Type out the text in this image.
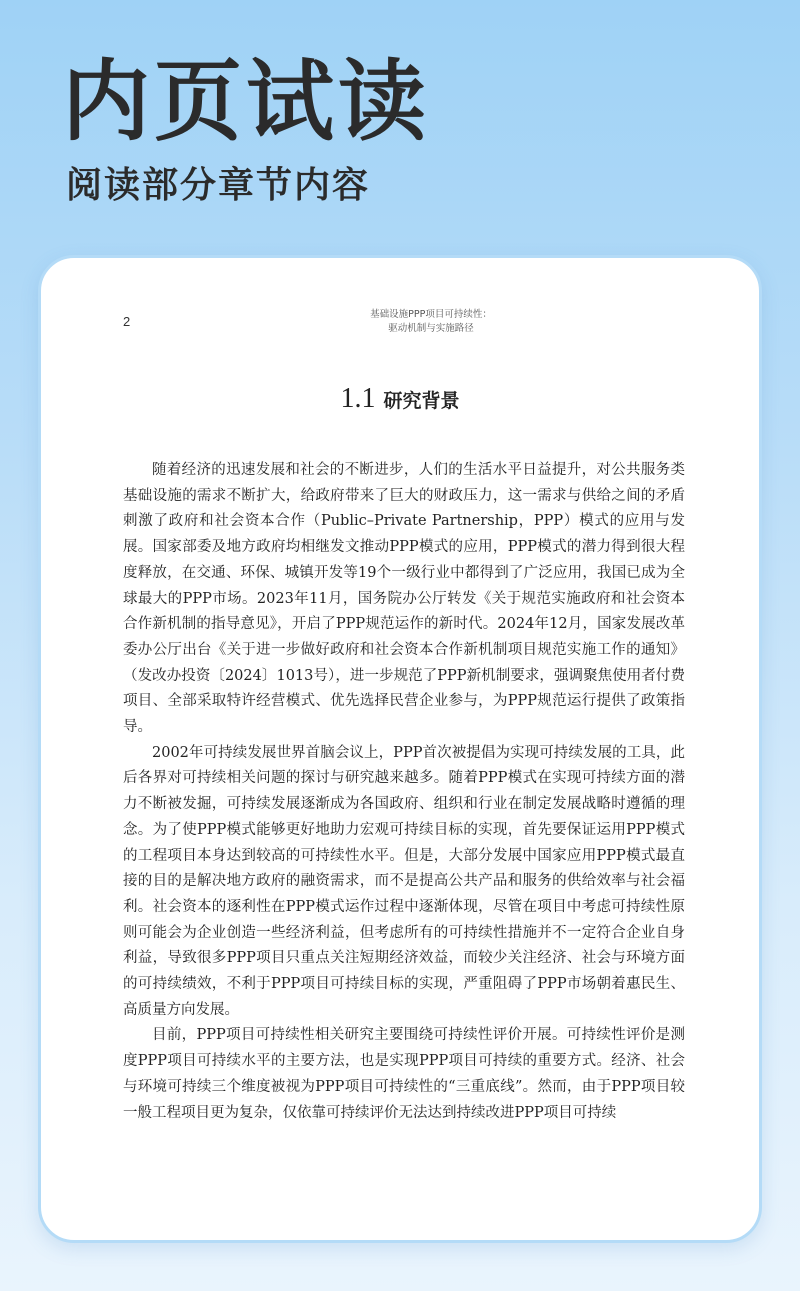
内页试读
阅读部分章节内容
2	基础设施PPP项目可持续性：
驱动机制与实施路径
1.1 研究背景

随着经济的迅速发展和社会的不断进步，人们的生活水平日益提升，对公共服务类基础设施的需求不断扩大，给政府带来了巨大的财政压力，这一需求与供给之间的矛盾刺激了政府和社会资本合作（Public–Private Partnership，PPP）模式的应用与发展。国家部委及地方政府均相继发文推动PPP模式的应用，PPP模式的潜力得到很大程度释放，在交通、环保、城镇开发等19个一级行业中都得到了广泛应用，我国已成为全球最大的PPP市场。2023年11月，国务院办公厅转发《关于规范实施政府和社会资本合作新机制的指导意见》，开启了PPP规范运作的新时代。2024年12月，国家发展改革委办公厅出台《关于进一步做好政府和社会资本合作新机制项目规范实施工作的通知》（发改办投资〔2024〕1013号），进一步规范了PPP新机制要求，强调聚焦使用者付费项目、全部采取特许经营模式、优先选择民营企业参与，为PPP规范运行提供了政策指导。

2002年可持续发展世界首脑会议上，PPP首次被提倡为实现可持续发展的工具，此后各界对可持续相关问题的探讨与研究越来越多。随着PPP模式在实现可持续方面的潜力不断被发掘，可持续发展逐渐成为各国政府、组织和行业在制定发展战略时遵循的理念。为了使PPP模式能够更好地助力宏观可持续目标的实现，首先要保证运用PPP模式的工程项目本身达到较高的可持续性水平。但是，大部分发展中国家应用PPP模式最直接的目的是解决地方政府的融资需求，而不是提高公共产品和服务的供给效率与社会福利。社会资本的逐利性在PPP模式运作过程中逐渐体现，尽管在项目中考虑可持续性原则可能会为企业创造一些经济利益，但考虑所有的可持续性措施并不一定符合企业自身利益，导致很多PPP项目只重点关注短期经济效益，而较少关注经济、社会与环境方面的可持续绩效，不利于PPP项目可持续目标的实现，严重阻碍了PPP市场朝着惠民生、高质量方向发展。

目前，PPP项目可持续性相关研究主要围绕可持续性评价开展。可持续性评价是测度PPP项目可持续水平的主要方法，也是实现PPP项目可持续的重要方式。经济、社会与环境可持续三个维度被视为PPP项目可持续性的“三重底线”。然而，由于PPP项目较一般工程项目更为复杂，仅依靠可持续评价无法达到持续改进PPP项目可持续
